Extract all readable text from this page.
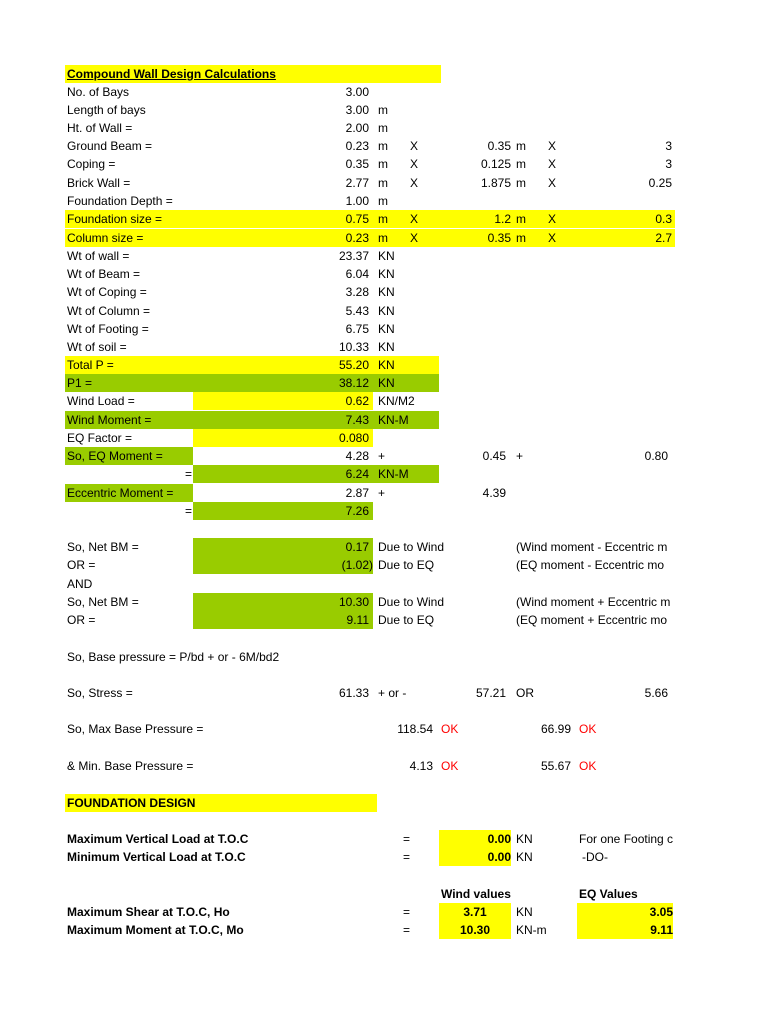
Compound Wall Design Calculations
No. of Bays	3.00
Length of bays	3.00 m
Ht. of Wall =	2.00 m
Ground Beam =	0.23 m	X	0.35 m	X	3
Coping =	0.35 m	X	0.125 m	X	3
Brick Wall =	2.77 m	X	1.875 m	X	0.25
Foundation Depth =	1.00 m
Foundation size =	0.75 m	X	1.2 m	X	0.3
Column size =	0.23 m	X	0.35 m	X	2.7
Wt of wall =	23.37 KN
Wt of Beam =	6.04 KN
Wt of Coping =	3.28 KN
Wt of Column =	5.43 KN
Wt of Footing =	6.75 KN
Wt of soil =	10.33 KN
Total P =	55.20 KN
P1 =	38.12 KN
Wind Load =	0.62 KN/M2
Wind Moment =	7.43 KN-M
EQ Factor =	0.080
So, EQ Moment =	4.28 +	0.45 +	0.80
=	6.24 KN-M
Eccentric Moment =	2.87 +	4.39
=	7.26
So, Net BM =	0.17 Due to Wind	(Wind moment - Eccentric m
OR =	(1.02) Due to EQ	(EQ moment - Eccentric mo
AND
So, Net BM =	10.30 Due to Wind	(Wind moment + Eccentric m
OR =	9.11 Due to EQ	(EQ moment + Eccentric mo
So, Base pressure = P/bd + or - 6M/bd2
So, Stress =	61.33 + or -	57.21 OR	5.66
So, Max Base Pressure =	118.54 OK	66.99 OK
& Min. Base Pressure =	4.13 OK	55.67 OK
FOUNDATION DESIGN
Maximum Vertical Load at T.O.C	=	0.00 KN	For one Footing c
Minimum Vertical Load at T.O.C	=	0.00 KN	-DO-
Wind values	EQ Values
Maximum Shear at T.O.C, Ho	=	3.71	KN	3.05
Maximum Moment at T.O.C, Mo	=	10.30	KN-m	9.11
